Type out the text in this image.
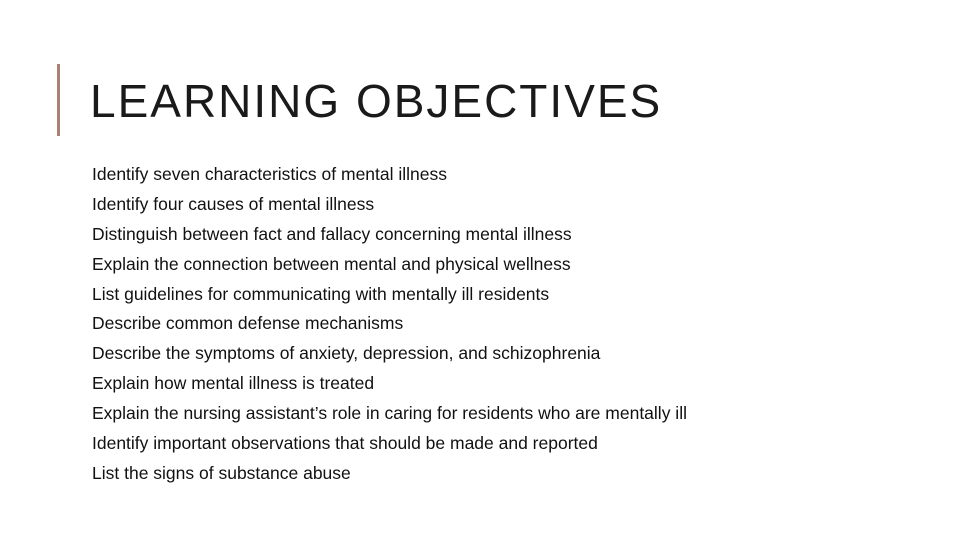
LEARNING OBJECTIVES
Identify seven characteristics of mental illness
Identify four causes of mental illness
Distinguish between fact and fallacy concerning mental illness
Explain the connection between mental and physical wellness
List guidelines for communicating with mentally ill residents
Describe common defense mechanisms
Describe the symptoms of anxiety, depression, and schizophrenia
Explain how mental illness is treated
Explain the nursing assistant’s role in caring for residents who are mentally ill
Identify important observations that should be made and reported
List the signs of substance abuse
